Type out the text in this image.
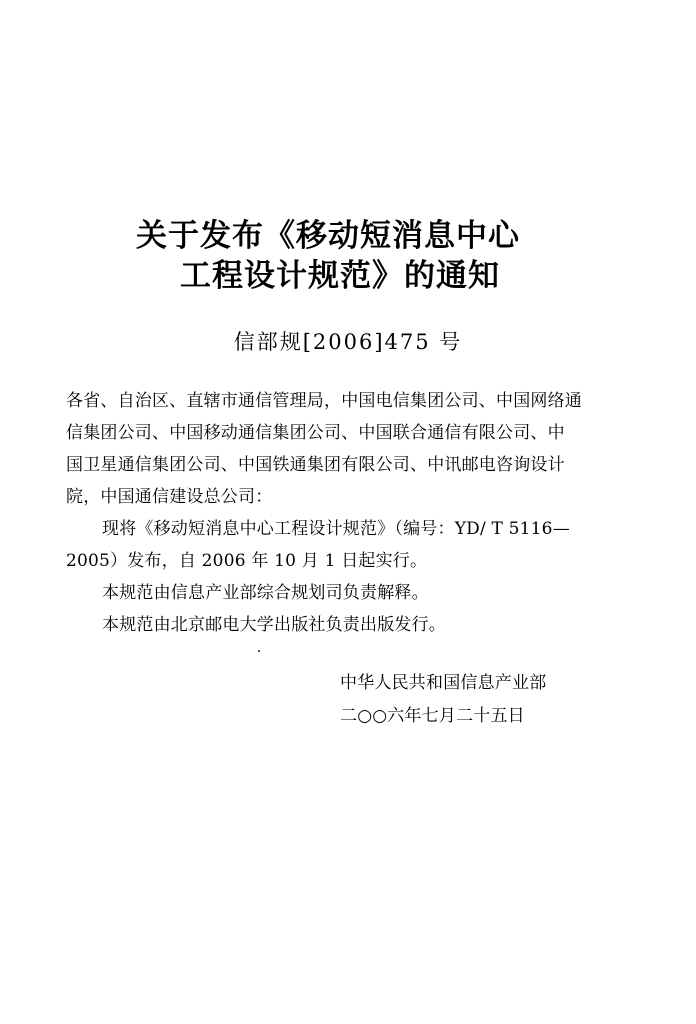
关于发布《移动短消息中心
工程设计规范》的通知
信部规[2006]475 号
各省、自治区、直辖市通信管理局，中国电信集团公司、中国网络通
信集团公司、中国移动通信集团公司、中国联合通信有限公司、中
国卫星通信集团公司、中国铁通集团有限公司、中讯邮电咨询设计
院，中国通信建设总公司：
现将《移动短消息中心工程设计规范》（编号：YD/ T 5116—
2005）发布，自 2006 年 10 月 1 日起实行。
本规范由信息产业部综合规划司负责解释。
本规范由北京邮电大学出版社负责出版发行。
中华人民共和国信息产业部
二○○六年七月二十五日
